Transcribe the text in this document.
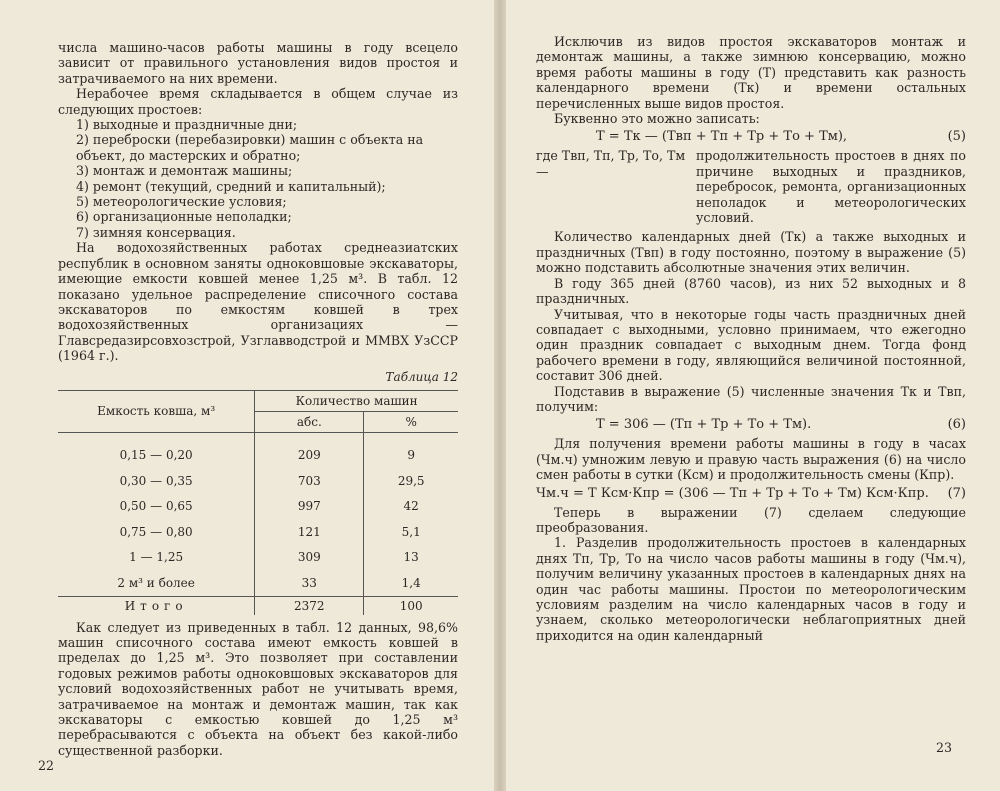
числа машино-часов работы машины в году всецело зависит от правильного установления видов простоя и затрачиваемого на них времени.

Нерабочее время складывается в общем случае из следующих простоев:

1) выходные и праздничные дни;
2) переброски (перебазировки) машин с объекта на объект, до мастерских и обратно;
3) монтаж и демонтаж машины;
4) ремонт (текущий, средний и капитальный);
5) метеорологические условия;
6) организационные неполадки;
7) зимняя консервация.

На водохозяйственных работах среднеазиатских республик в основном заняты одноковшовые экскаваторы, имеющие емкости ковшей менее 1,25 м³. В табл. 12 показано удельное распределение списочного состава экскаваторов по емкостям ковшей в трех водохозяйственных организациях — Главсредазирсовхозстрой, Узглавводстрой и ММВХ УзССР (1964 г.).

Таблица 12
Емкость ковша, м³	Количество машин	
	абс.	%

0,15 — 0,20	209	9
0,30 — 0,35	703	29,5
0,50 — 0,65	997	42
0,75 — 0,80	121	5,1
1 — 1,25	309	13
2 м³ и более	33	1,4
Итого	2372	100

Как следует из приведенных в табл. 12 данных, 98,6% машин списочного состава имеют емкость ковшей в пределах до 1,25 м³. Это позволяет при составлении годовых режимов работы одноковшовых экскаваторов для условий водохозяйственных работ не учитывать время, затрачиваемое на монтаж и демонтаж машин, так как экскаваторы с емкостью ковшей до 1,25 м³ перебрасываются с объекта на объект без какой-либо существенной разборки.

22

Исключив из видов простоя экскаваторов монтаж и демонтаж машины, а также зимнюю консервацию, можно время работы машины в году (Т) представить как разность календарного времени (Тк) и времени остальных перечисленных выше видов простоя.

Буквенно это можно записать:

Т = Тк — (Твп + Тп + Тр + То + Тм),	(5)
где Твп, Тп, Тр, То, Тм —
продолжительность простоев в днях по причине выходных и праздников, переброcок, ремонта, организационных неполадок и метеорологических условий.

Количество календарных дней (Тк) а также выходных и праздничных (Твп) в году постоянно, поэтому в выражение (5) можно подставить абсолютные значения этих величин.

В году 365 дней (8760 часов), из них 52 выходных и 8 праздничных.

Учитывая, что в некоторые годы часть праздничных дней совпадает с выходными, условно принимаем, что ежегодно один праздник совпадает с выходным днем. Тогда фонд рабочего времени в году, являющийся величиной постоянной, составит 306 дней.

Подставив в выражение (5) численные значения Тк и Твп, получим:

Т = 306 — (Тп + Тр + То + Тм).	(6)

Для получения времени работы машины в году в часах (Чм.ч) умножим левую и правую часть выражения (6) на число смен работы в сутки (Ксм) и продолжительность смены (Кпр).

Чм.ч = Т Ксм·Кпр = (306 — Тп + Тр + То + Тм) Ксм·Кпр. (7)

Теперь в выражении (7) сделаем следующие преобразования.

1. Разделив продолжительность простоев в календарных днях Тп, Тр, То на число часов работы машины в году (Чм.ч), получим величину указанных простоев в календарных днях на один час работы машины. Простои по метеорологическим условиям разделим на число календарных часов в году и узнаем, сколько метеорологически неблагоприятных дней приходится на один календарный

23
